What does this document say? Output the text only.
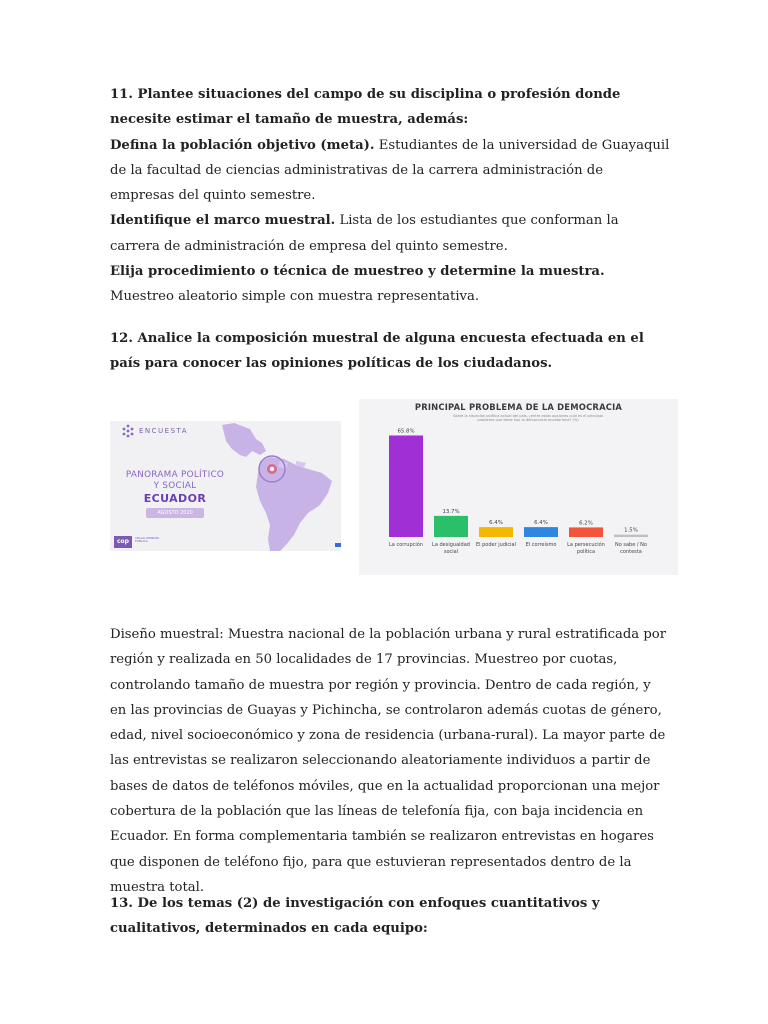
11. Plantee situaciones del campo de su disciplina o profesión donde necesite estimar el tamaño de muestra, además:

Defina la población objetivo (meta). Estudiantes de la universidad de Guayaquil de la facultad de ciencias administrativas de la carrera administración de empresas del quinto semestre.

Identifique el marco muestral. Lista de los estudiantes que conforman la carrera de administración de empresa del quinto semestre.

Elija procedimiento o técnica de muestreo y determine la muestra. Muestreo aleatorio simple con muestra representativa.

12. Analice la composición muestral de alguna encuesta efectuada en el país para conocer las opiniones políticas de los ciudadanos.

ENCUESTA
PANORAMA POLÍTICO
Y SOCIAL
ECUADOR
AGOSTO 2020
cop	CELAG OPINIÓN PÚBLICA
PRINCIPAL PROBLEMA DE LA DEMOCRACIA
Sobre la situación política actual del país, ¿entre estas opciones cuál es el principal problema que tiene hoy la democracia ecuatoriana? (%)
65.8%
La corrupción
13.7%
La desigualdad
social
6.4%
El poder judicial
6.4%
El correísmo
6.2%
La persecución
política
1.5%
No sabe / No
contesta

Diseño muestral: Muestra nacional de la población urbana y rural estratificada por región y realizada en 50 localidades de 17 provincias. Muestreo por cuotas, controlando tamaño de muestra por región y provincia. Dentro de cada región, y en las provincias de Guayas y Pichincha, se controlaron además cuotas de género, edad, nivel socioeconómico y zona de residencia (urbana-rural). La mayor parte de las entrevistas se realizaron seleccionando aleatoriamente individuos a partir de bases de datos de teléfonos móviles, que en la actualidad proporcionan una mejor cobertura de la población que las líneas de telefonía fija, con baja incidencia en Ecuador. En forma complementaria también se realizaron entrevistas en hogares que disponen de teléfono fijo, para que estuvieran representados dentro de la muestra total.

13. De los temas (2) de investigación con enfoques cuantitativos y cualitativos, determinados en cada equipo:
